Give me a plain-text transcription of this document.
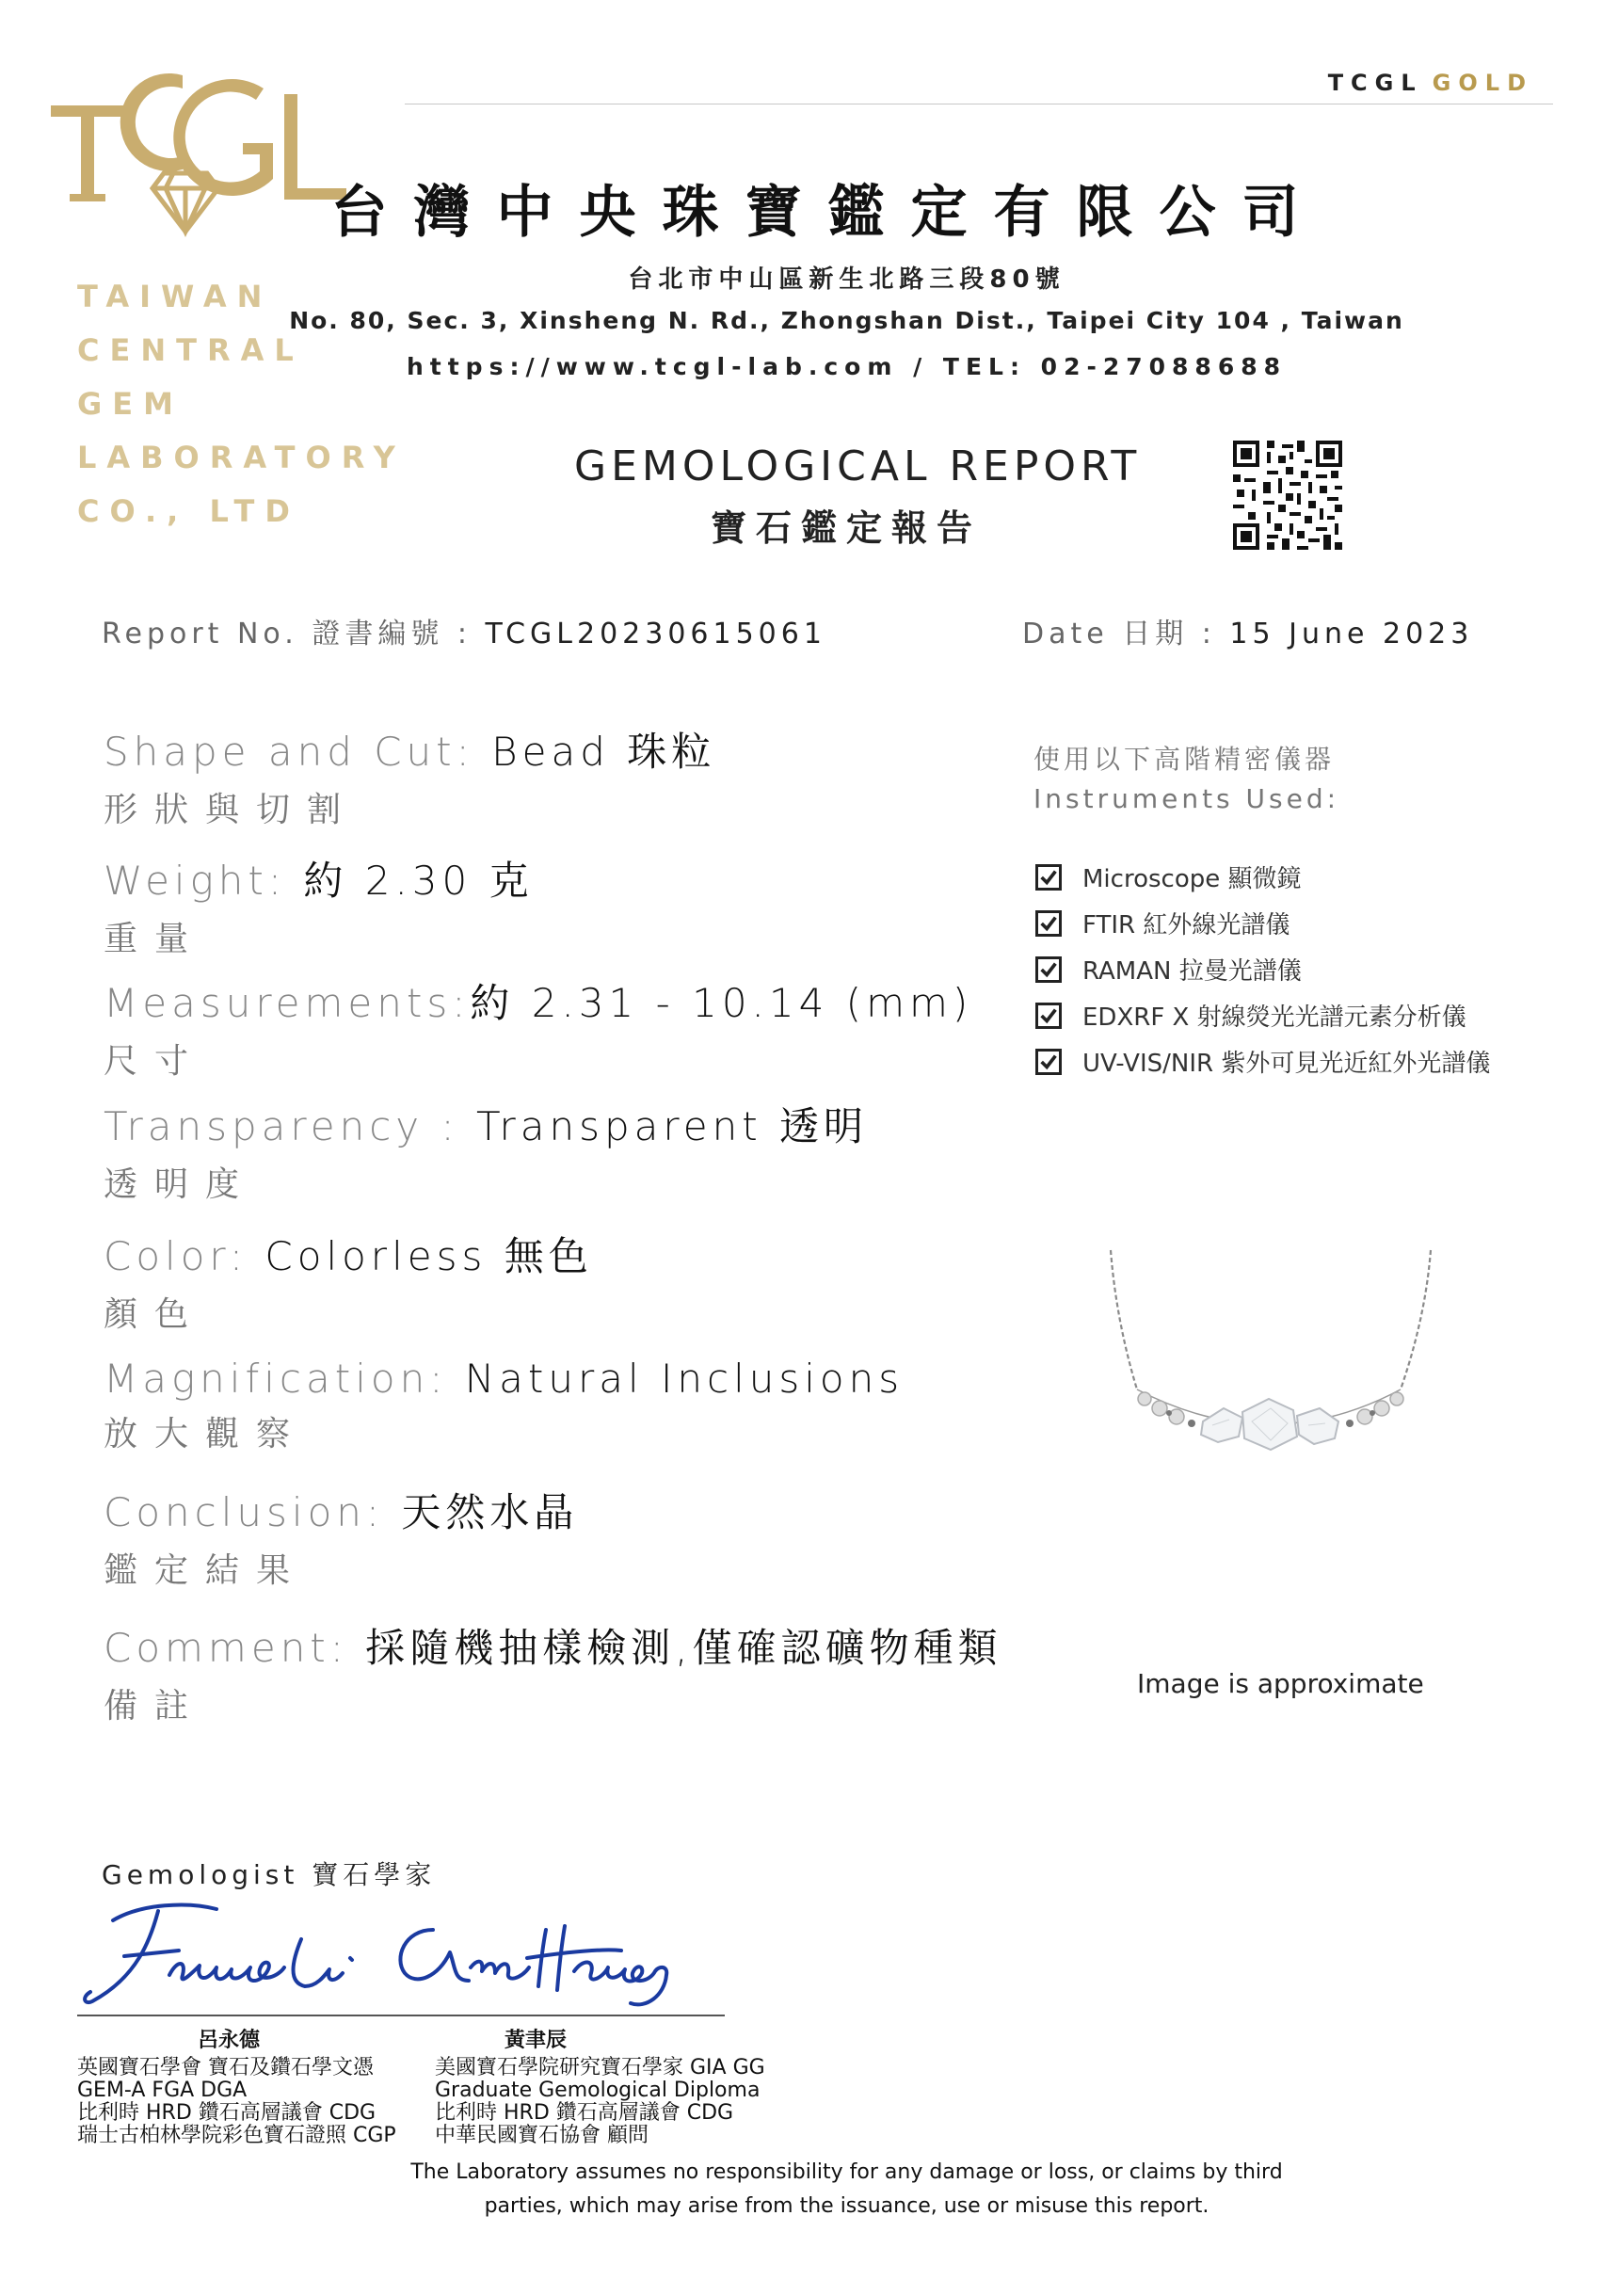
TCGL GOLD
TAIWAN
CENTRAL
GEM
LABORATORY
CO., LTD
台灣中央珠寶鑑定有限公司
台北市中山區新生北路三段80號
No. 80, Sec. 3, Xinsheng N. Rd., Zhongshan Dist., Taipei City 104 , Taiwan
https://www.tcgl-lab.com / TEL: 02-27088688
GEMOLOGICAL REPORT
寶石鑑定報告
Report No. 證書編號 : TCGL20230615061	Date 日期 : 15 June 2023
Shape and Cut: Bead 珠粒
形狀與切割
Weight: 約 2.30 克
重量
Measurements:約 2.31 - 10.14 (mm)
尺寸
Transparency : Transparent 透明
透明度
Color: Colorless 無色
顏色
Magnification: Natural Inclusions
放大觀察
Conclusion: 天然水晶
鑑定結果
Comment: 採隨機抽樣檢測,僅確認礦物種類
備註
使用以下高階精密儀器
Instruments Used:
Microscope 顯微鏡
FTIR 紅外線光譜儀
RAMAN 拉曼光譜儀
EDXRF X 射線熒光光譜元素分析儀
UV-VIS/NIR 紫外可見光近紅外光譜儀
Image is approximate
Gemologist 寶石學家
呂永德	黃聿辰
英國寶石學會 寶石及鑽石學文憑
GEM-A FGA DGA
比利時 HRD 鑽石高層議會 CDG
瑞士古柏林學院彩色寶石證照 CGP
美國寶石學院研究寶石學家 GIA GG
Graduate Gemological Diploma
比利時 HRD 鑽石高層議會 CDG
中華民國寶石協會 顧問
The Laboratory assumes no responsibility for any damage or loss, or claims by third
parties, which may arise from the issuance, use or misuse this report.
